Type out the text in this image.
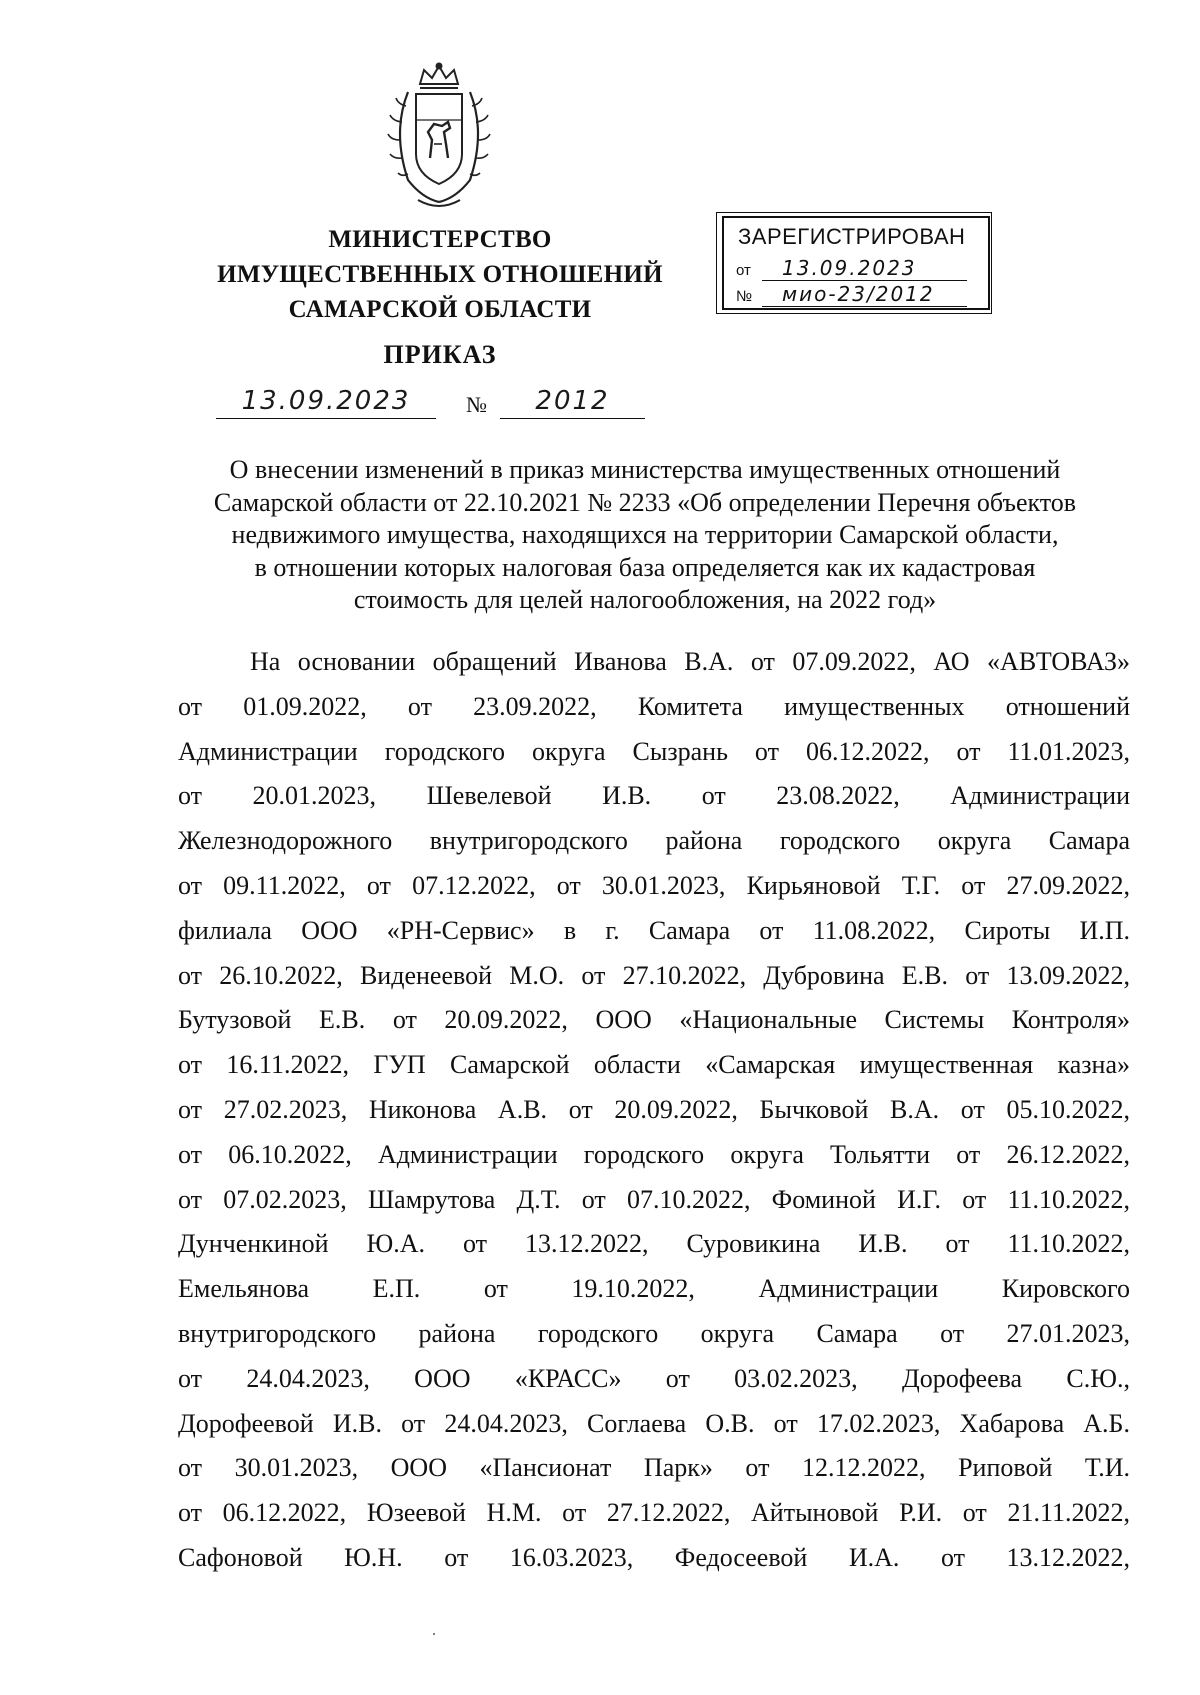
МИНИСТЕРСТВО
ИМУЩЕСТВЕННЫХ ОТНОШЕНИЙ
САМАРСКОЙ ОБЛАСТИ
ЗАРЕГИСТРИРОВАН
от	13.09.2023
№	мио-23/2012
ПРИКАЗ
13.09.2023	№	2012
О внесении изменений в приказ министерства имущественных отношений
Самарской области от 22.10.2021 № 2233 «Об определении Перечня объектов
недвижимого имущества, находящихся на территории Самарской области,
в отношении которых налоговая база определяется как их кадастровая
стоимость для целей налогообложения, на 2022 год»
На основании обращений Иванова В.А. от 07.09.2022, АО «АВТОВАЗ»
от 01.09.2022, от 23.09.2022, Комитета имущественных отношений
Администрации городского округа Сызрань от 06.12.2022, от 11.01.2023,
от 20.01.2023, Шевелевой И.В. от 23.08.2022, Администрации
Железнодорожного внутригородского района городского округа Самара
от 09.11.2022, от 07.12.2022, от 30.01.2023, Кирьяновой Т.Г. от 27.09.2022,
филиала ООО «РН-Сервис» в г. Самара от 11.08.2022, Сироты И.П.
от 26.10.2022, Виденеевой М.О. от 27.10.2022, Дубровина Е.В. от 13.09.2022,
Бутузовой Е.В. от 20.09.2022, ООО «Национальные Системы Контроля»
от 16.11.2022, ГУП Самарской области «Самарская имущественная казна»
от 27.02.2023, Никонова А.В. от 20.09.2022, Бычковой В.А. от 05.10.2022,
от 06.10.2022, Администрации городского округа Тольятти от 26.12.2022,
от 07.02.2023, Шамрутова Д.Т. от 07.10.2022, Фоминой И.Г. от 11.10.2022,
Дунченкиной Ю.А. от 13.12.2022, Суровикина И.В. от 11.10.2022,
Емельянова Е.П. от 19.10.2022, Администрации Кировского
внутригородского района городского округа Самара от 27.01.2023,
от 24.04.2023, ООО «КРАСС» от 03.02.2023, Дорофеева С.Ю.,
Дорофеевой И.В. от 24.04.2023, Соглаева О.В. от 17.02.2023, Хабарова А.Б.
от 30.01.2023, ООО «Пансионат Парк» от 12.12.2022, Риповой Т.И.
от 06.12.2022, Юзеевой Н.М. от 27.12.2022, Айтыновой Р.И. от 21.11.2022,
Сафоновой Ю.Н. от 16.03.2023, Федосеевой И.А. от 13.12.2022,
